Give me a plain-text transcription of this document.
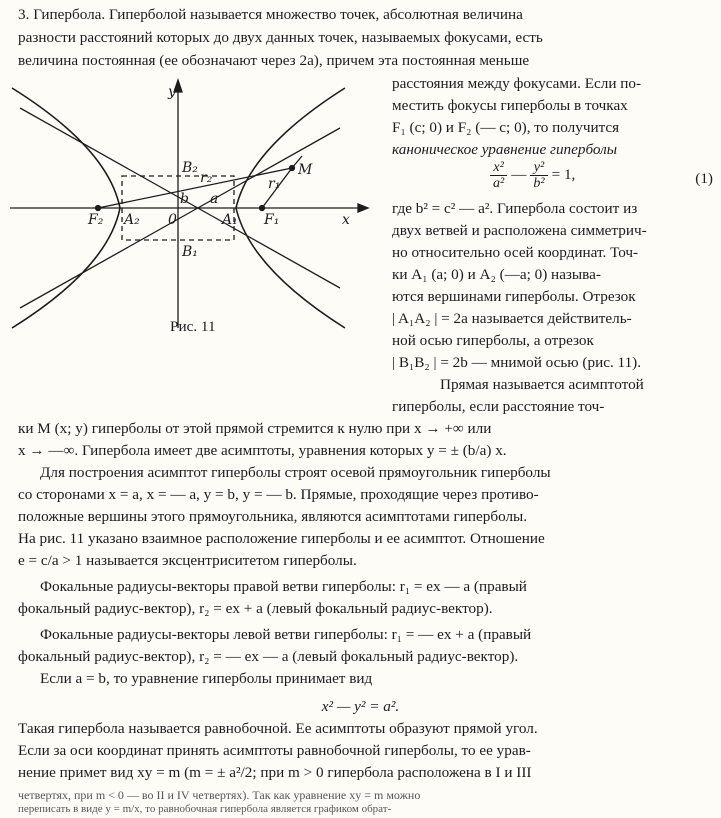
3. Гипербола. Гиперболой называется множество точек, абсолютная величина
разности расстояний которых до двух данных точек, называемых фокусами, есть
величина постоянная (ее обозначают через 2a), причем эта постоянная меньше
расстояния между фокусами. Если по-
местить фокусы гиперболы в точках
F₁ (c; 0) и F₂ (— c; 0), то получится
каноническое уравнение гиперболы
$\frac{\text{x²}}{\text{a²}}$ — $\frac{\text{y²}}{\text{b²}} = 1$,	(1)
где b² = c² — a². Гипербола состоит из
двух ветвей и расположена симметрич-
но относительно осей координат. Точ-
ки A₁ (a; 0) и A₂ (—a; 0) называ-
ются вершинами гиперболы. Отрезок
| A₁A₂ | = 2a называется действитель-
ной осью гиперболы, а отрезок
| B₁B₂ | = 2b — мнимой осью (рис. 11).
Прямая называется асимптотой
гиперболы, если расстояние точ-
y
x
B₂
B₁
A₁
A₂	F₁
F₂	0
a
b
r₁
r₂	M
Рис. 11
ки M (x; y) гиперболы от этой прямой стремится к нулю при x → +∞ или
x → —∞. Гипербола имеет две асимптоты, уравнения которых y = ± (b/a) x.
Для построения асимптот гиперболы строят осевой прямоугольник гиперболы
со сторонами x = a, x = — a, y = b, y = — b. Прямые, проходящие через противо-
положные вершины этого прямоугольника, являются асимптотами гиперболы.
На рис. 11 указано взаимное расположение гиперболы и ее асимптот. Отношение
e = c/a > 1 называется эксцентриситетом гиперболы.
Фокальные радиусы-векторы правой ветви гиперболы: r₁ = ex — a (правый
фокальный радиус-вектор), r₂ = ex + a (левый фокальный радиус-вектор).
Фокальные радиусы-векторы левой ветви гиперболы: r₁ = — ex + a (правый
фокальный радиус-вектор), r₂ = — ex — a (левый фокальный радиус-вектор).
Если a = b, то уравнение гиперболы принимает вид
x² — y² = a².
Такая гипербола называется равнобочной. Ее асимптоты образуют прямой угол.
Если за оси координат принять асимптоты равнобочной гиперболы, то ее урав-
нение примет вид xy = m (m = ± a²/2; при m > 0 гипербола расположена в I и III
четвертях, при m < 0 — во II и IV четвертях). Так как уравнение xy = m можно
переписать в виде y = m/x, то равнобочная гипербола является графиком обрат-
